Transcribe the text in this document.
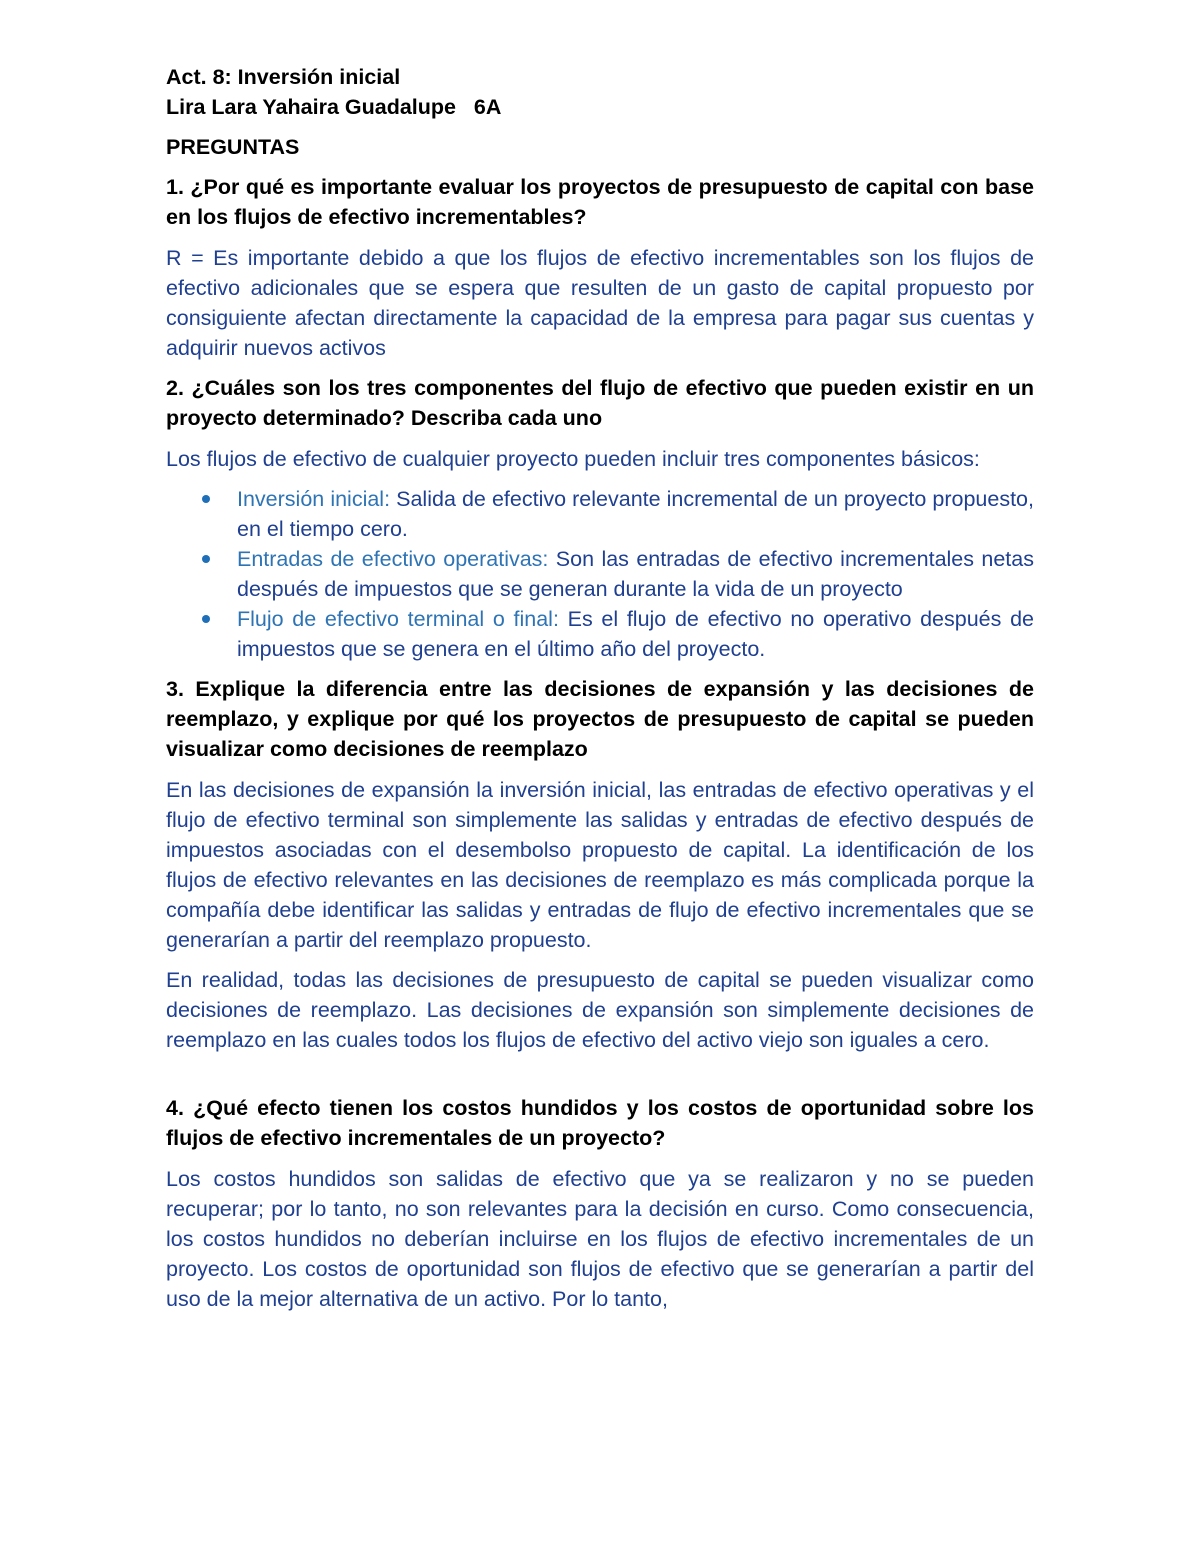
Act. 8: Inversión inicial

Lira Lara Yahaira Guadalupe   6A

PREGUNTAS

1. ¿Por qué es importante evaluar los proyectos de presupuesto de capital con base en los flujos de efectivo incrementables?

R = Es importante debido a que los flujos de efectivo incrementables son los flujos de efectivo adicionales que se espera que resulten de un gasto de capital propuesto por consiguiente afectan directamente la capacidad de la empresa para pagar sus cuentas y adquirir nuevos activos

2. ¿Cuáles son los tres componentes del flujo de efectivo que pueden existir en un proyecto determinado? Describa cada uno

Los flujos de efectivo de cualquier proyecto pueden incluir tres componentes básicos:

Inversión inicial: Salida de efectivo relevante incremental de un proyecto propuesto, en el tiempo cero.
Entradas de efectivo operativas: Son las entradas de efectivo incrementales netas después de impuestos que se generan durante la vida de un proyecto
Flujo de efectivo terminal o final: Es el flujo de efectivo no operativo después de impuestos que se genera en el último año del proyecto.

3. Explique la diferencia entre las decisiones de expansión y las decisiones de reemplazo, y explique por qué los proyectos de presupuesto de capital se pueden visualizar como decisiones de reemplazo

En las decisiones de expansión la inversión inicial, las entradas de efectivo operativas y el flujo de efectivo terminal son simplemente las salidas y entradas de efectivo después de impuestos asociadas con el desembolso propuesto de capital. La identificación de los flujos de efectivo relevantes en las decisiones de reemplazo es más complicada porque la compañía debe identificar las salidas y entradas de flujo de efectivo incrementales que se generarían a partir del reemplazo propuesto.

En realidad, todas las decisiones de presupuesto de capital se pueden visualizar como decisiones de reemplazo. Las decisiones de expansión son simplemente decisiones de reemplazo en las cuales todos los flujos de efectivo del activo viejo son iguales a cero.

4. ¿Qué efecto tienen los costos hundidos y los costos de oportunidad sobre los flujos de efectivo incrementales de un proyecto?

Los costos hundidos son salidas de efectivo que ya se realizaron y no se pueden recuperar; por lo tanto, no son relevantes para la decisión en curso. Como consecuencia, los costos hundidos no deberían incluirse en los flujos de efectivo incrementales de un proyecto. Los costos de oportunidad son flujos de efectivo que se generarían a partir del uso de la mejor alternativa de un activo. Por lo tanto,
